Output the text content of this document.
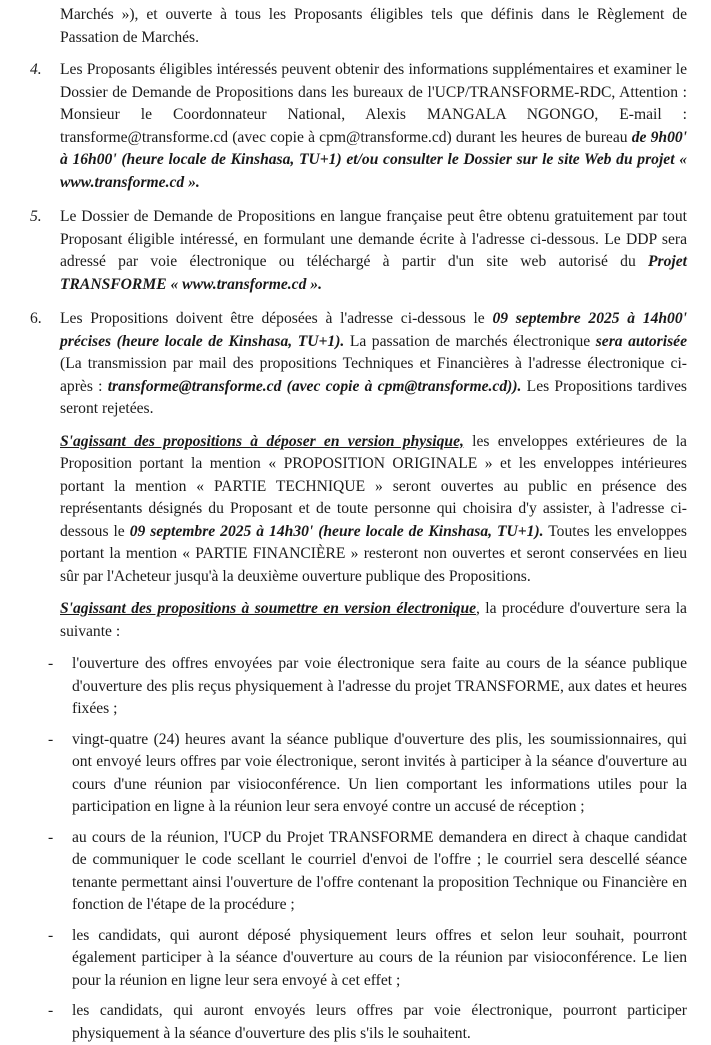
Marchés »), et ouverte à tous les Proposants éligibles tels que définis dans le Règlement de Passation de Marchés.

4. Les Proposants éligibles intéressés peuvent obtenir des informations supplémentaires et examiner le Dossier de Demande de Propositions dans les bureaux de l'UCP/TRANSFORME-RDC, Attention : Monsieur le Coordonnateur National, Alexis MANGALA NGONGO, E-mail : transforme@transforme.cd (avec copie à cpm@transforme.cd) durant les heures de bureau de 9h00' à 16h00' (heure locale de Kinshasa, TU+1) et/ou consulter le Dossier sur le site Web du projet « www.transforme.cd ».

5. Le Dossier de Demande de Propositions en langue française peut être obtenu gratuitement par tout Proposant éligible intéressé, en formulant une demande écrite à l'adresse ci-dessous. Le DDP sera adressé par voie électronique ou téléchargé à partir d'un site web autorisé du Projet TRANSFORME « www.transforme.cd ».

6. Les Propositions doivent être déposées à l'adresse ci-dessous le 09 septembre 2025 à 14h00' précises (heure locale de Kinshasa, TU+1). La passation de marchés électronique sera autorisée (La transmission par mail des propositions Techniques et Financières à l'adresse électronique ci-après : transforme@transforme.cd (avec copie à cpm@transforme.cd)). Les Propositions tardives seront rejetées.

S'agissant des propositions à déposer en version physique, les enveloppes extérieures de la Proposition portant la mention « PROPOSITION ORIGINALE » et les enveloppes intérieures portant la mention « PARTIE TECHNIQUE » seront ouvertes au public en présence des représentants désignés du Proposant et de toute personne qui choisira d'y assister, à l'adresse ci-dessous le 09 septembre 2025 à 14h30' (heure locale de Kinshasa, TU+1). Toutes les enveloppes portant la mention « PARTIE FINANCIÈRE » resteront non ouvertes et seront conservées en lieu sûr par l'Acheteur jusqu'à la deuxième ouverture publique des Propositions.

S'agissant des propositions à soumettre en version électronique, la procédure d'ouverture sera la suivante :

- l'ouverture des offres envoyées par voie électronique sera faite au cours de la séance publique d'ouverture des plis reçus physiquement à l'adresse du projet TRANSFORME, aux dates et heures fixées ;
- vingt-quatre (24) heures avant la séance publique d'ouverture des plis, les soumissionnaires, qui ont envoyé leurs offres par voie électronique, seront invités à participer à la séance d'ouverture au cours d'une réunion par visioconférence. Un lien comportant les informations utiles pour la participation en ligne à la réunion leur sera envoyé contre un accusé de réception ;
- au cours de la réunion, l'UCP du Projet TRANSFORME demandera en direct à chaque candidat de communiquer le code scellant le courriel d'envoi de l'offre ; le courriel sera descellé séance tenante permettant ainsi l'ouverture de l'offre contenant la proposition Technique ou Financière en fonction de l'étape de la procédure ;
- les candidats, qui auront déposé physiquement leurs offres et selon leur souhait, pourront également participer à la séance d'ouverture au cours de la réunion par visioconférence. Le lien pour la réunion en ligne leur sera envoyé à cet effet ;
- les candidats, qui auront envoyés leurs offres par voie électronique, pourront participer physiquement à la séance d'ouverture des plis s'ils le souhaitent.
